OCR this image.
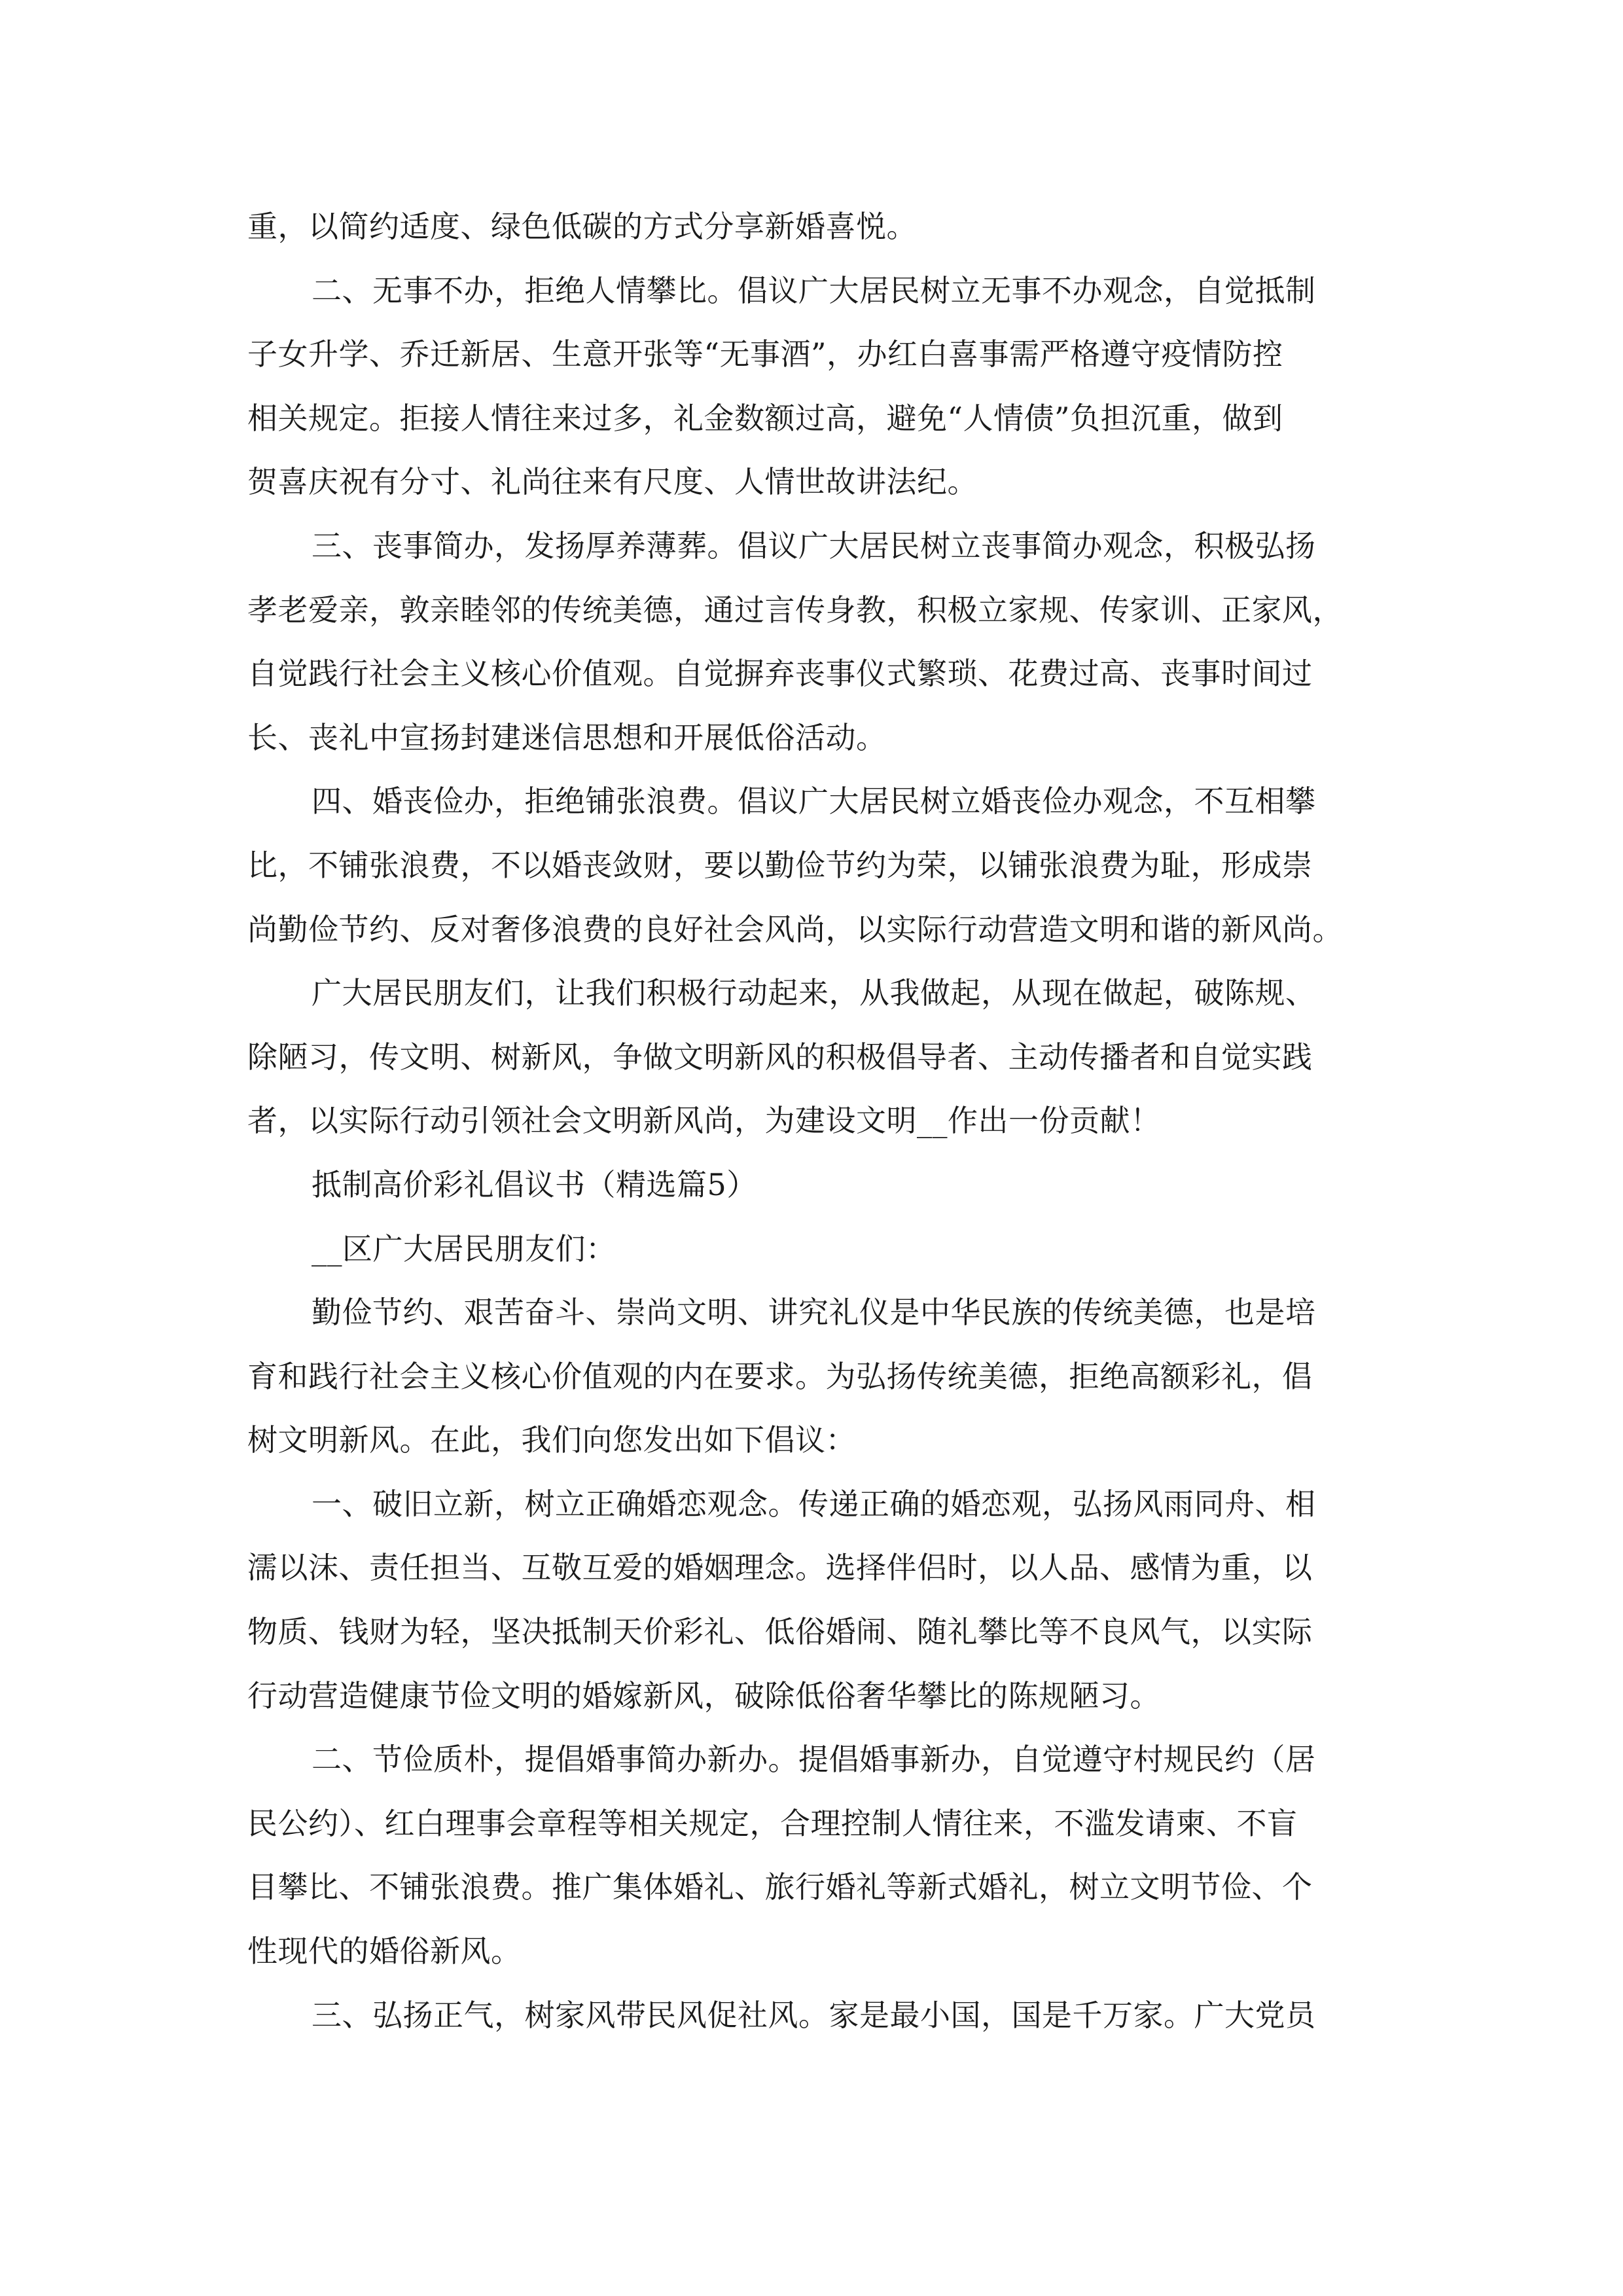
重，以简约适度、绿色低碳的方式分享新婚喜悦。
二、无事不办，拒绝人情攀比。倡议广大居民树立无事不办观念，自觉抵制
子女升学、乔迁新居、生意开张等“无事酒”，办红白喜事需严格遵守疫情防控
相关规定。拒接人情往来过多，礼金数额过高，避免“人情债”负担沉重，做到
贺喜庆祝有分寸、礼尚往来有尺度、人情世故讲法纪。
三、丧事简办，发扬厚养薄葬。倡议广大居民树立丧事简办观念，积极弘扬
孝老爱亲，敦亲睦邻的传统美德，通过言传身教，积极立家规、传家训、正家风，
自觉践行社会主义核心价值观。自觉摒弃丧事仪式繁琐、花费过高、丧事时间过
长、丧礼中宣扬封建迷信思想和开展低俗活动。
四、婚丧俭办，拒绝铺张浪费。倡议广大居民树立婚丧俭办观念，不互相攀
比，不铺张浪费，不以婚丧敛财，要以勤俭节约为荣，以铺张浪费为耻，形成崇
尚勤俭节约、反对奢侈浪费的良好社会风尚，以实际行动营造文明和谐的新风尚。
广大居民朋友们，让我们积极行动起来，从我做起，从现在做起，破陈规、
除陋习，传文明、树新风，争做文明新风的积极倡导者、主动传播者和自觉实践
者，以实际行动引领社会文明新风尚，为建设文明__作出一份贡献！
抵制高价彩礼倡议书（精选篇5）
__区广大居民朋友们：
勤俭节约、艰苦奋斗、崇尚文明、讲究礼仪是中华民族的传统美德，也是培
育和践行社会主义核心价值观的内在要求。为弘扬传统美德，拒绝高额彩礼，倡
树文明新风。在此，我们向您发出如下倡议：
一、破旧立新，树立正确婚恋观念。传递正确的婚恋观，弘扬风雨同舟、相
濡以沫、责任担当、互敬互爱的婚姻理念。选择伴侣时，以人品、感情为重，以
物质、钱财为轻，坚决抵制天价彩礼、低俗婚闹、随礼攀比等不良风气，以实际
行动营造健康节俭文明的婚嫁新风，破除低俗奢华攀比的陈规陋习。
二、节俭质朴，提倡婚事简办新办。提倡婚事新办，自觉遵守村规民约（居
民公约）、红白理事会章程等相关规定，合理控制人情往来，不滥发请柬、不盲
目攀比、不铺张浪费。推广集体婚礼、旅行婚礼等新式婚礼，树立文明节俭、个
性现代的婚俗新风。
三、弘扬正气，树家风带民风促社风。家是最小国，国是千万家。广大党员
